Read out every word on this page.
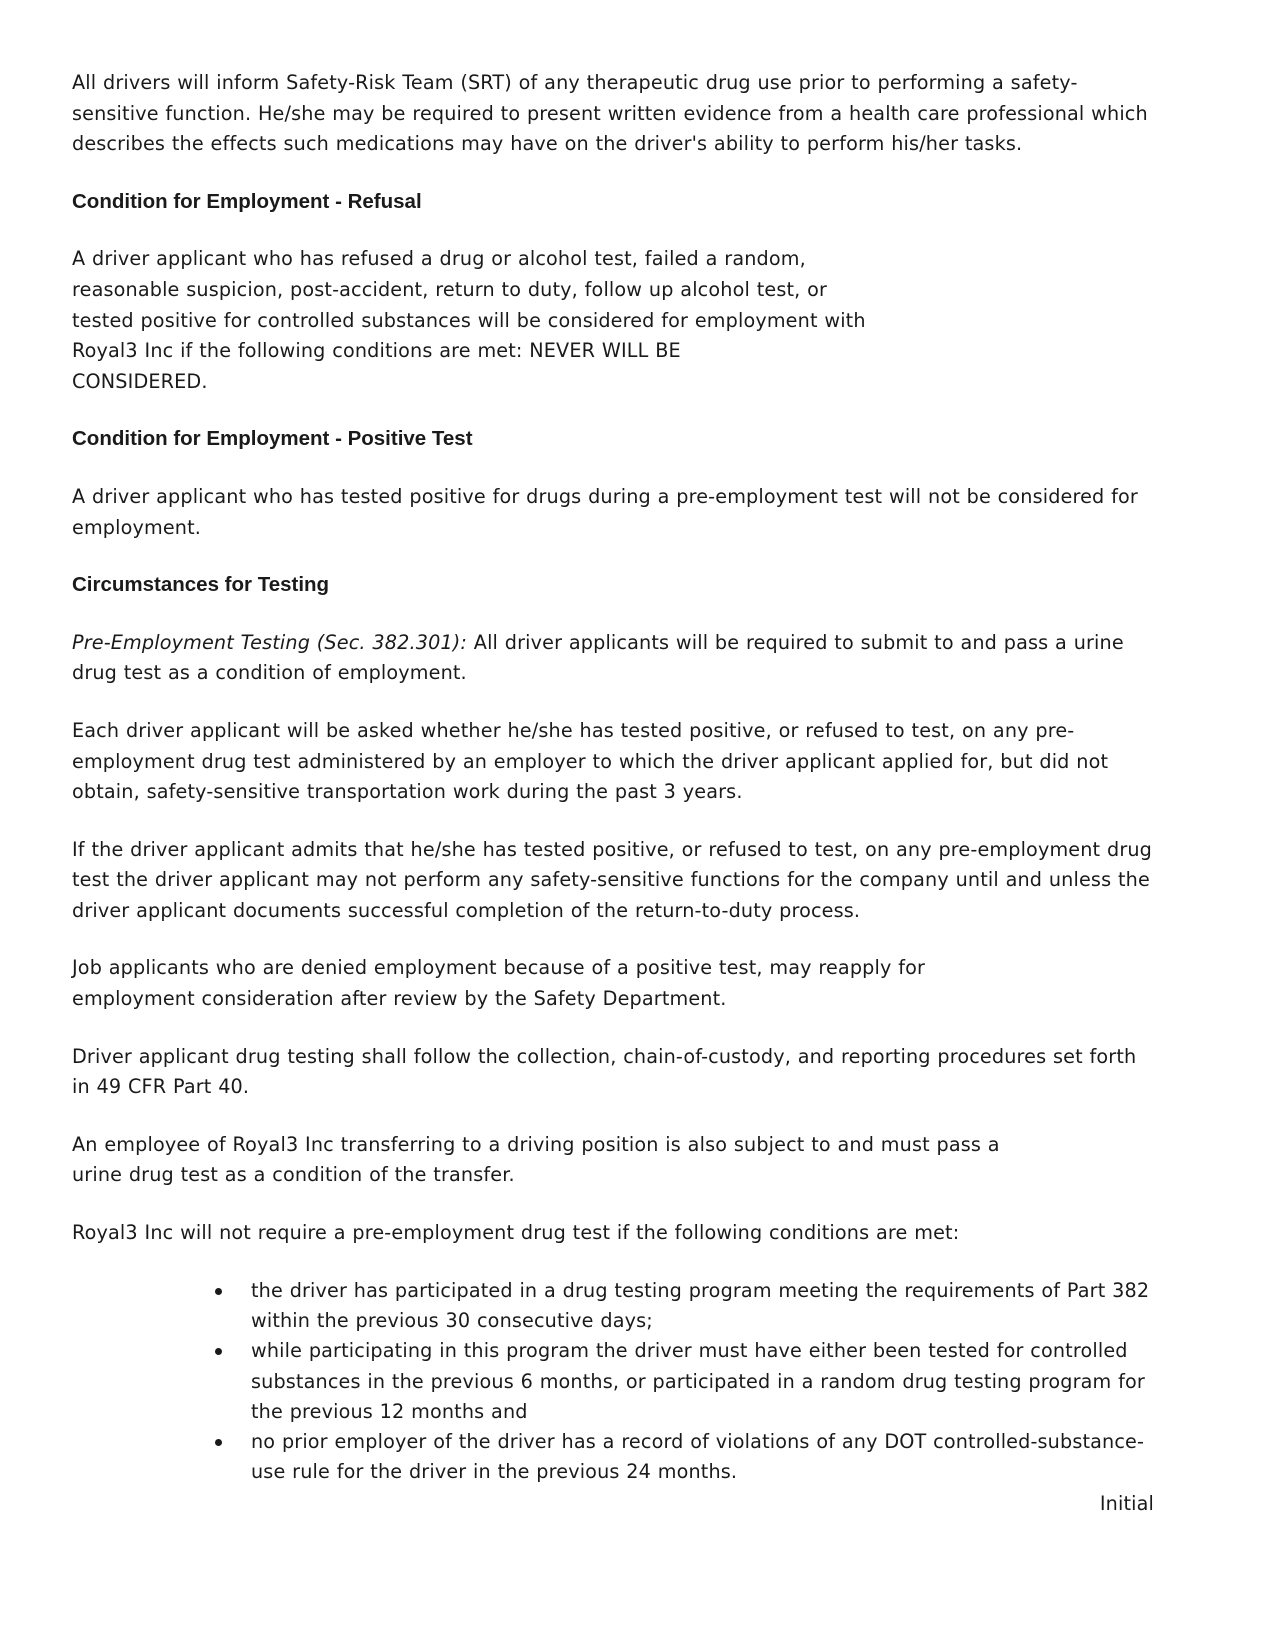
All drivers will inform Safety-Risk Team (SRT) of any therapeutic drug use prior to performing a safety-sensitive function. He/she may be required to present written evidence from a health care professional which describes the effects such medications may have on the driver's ability to perform his/her tasks.

Condition for Employment - Refusal

A driver applicant who has refused a drug or alcohol test, failed a random, reasonable suspicion, post-accident, return to duty, follow up alcohol test, or tested positive for controlled substances will be considered for employment with Royal3 Inc if the following conditions are met: NEVER WILL BE

CONSIDERED.

Condition for Employment - Positive Test

A driver applicant who has tested positive for drugs during a pre-employment test will not be considered for employment.

Circumstances for Testing

Pre-Employment Testing (Sec. 382.301): All driver applicants will be required to submit to and pass a urine drug test as a condition of employment.

Each driver applicant will be asked whether he/she has tested positive, or refused to test, on any pre-employment drug test administered by an employer to which the driver applicant applied for, but did not obtain, safety-sensitive transportation work during the past 3 years.

If the driver applicant admits that he/she has tested positive, or refused to test, on any pre-employment drug test the driver applicant may not perform any safety-sensitive functions for the company until and unless the driver applicant documents successful completion of the return-to-duty process.

Job applicants who are denied employment because of a positive test, may reapply for employment consideration after review by the Safety Department.

Driver applicant drug testing shall follow the collection, chain-of-custody, and reporting procedures set forth in 49 CFR Part 40.

An employee of Royal3 Inc transferring to a driving position is also subject to and must pass a

urine drug test as a condition of the transfer.

Royal3 Inc will not require a pre-employment drug test if the following conditions are met:

the driver has participated in a drug testing program meeting the requirements of Part 382 within the previous 30 consecutive days;
while participating in this program the driver must have either been tested for controlled substances in the previous 6 months, or participated in a random drug testing program for the previous 12 months and
no prior employer of the driver has a record of violations of any DOT controlled-substance-use rule for the driver in the previous 24 months.
Initial
